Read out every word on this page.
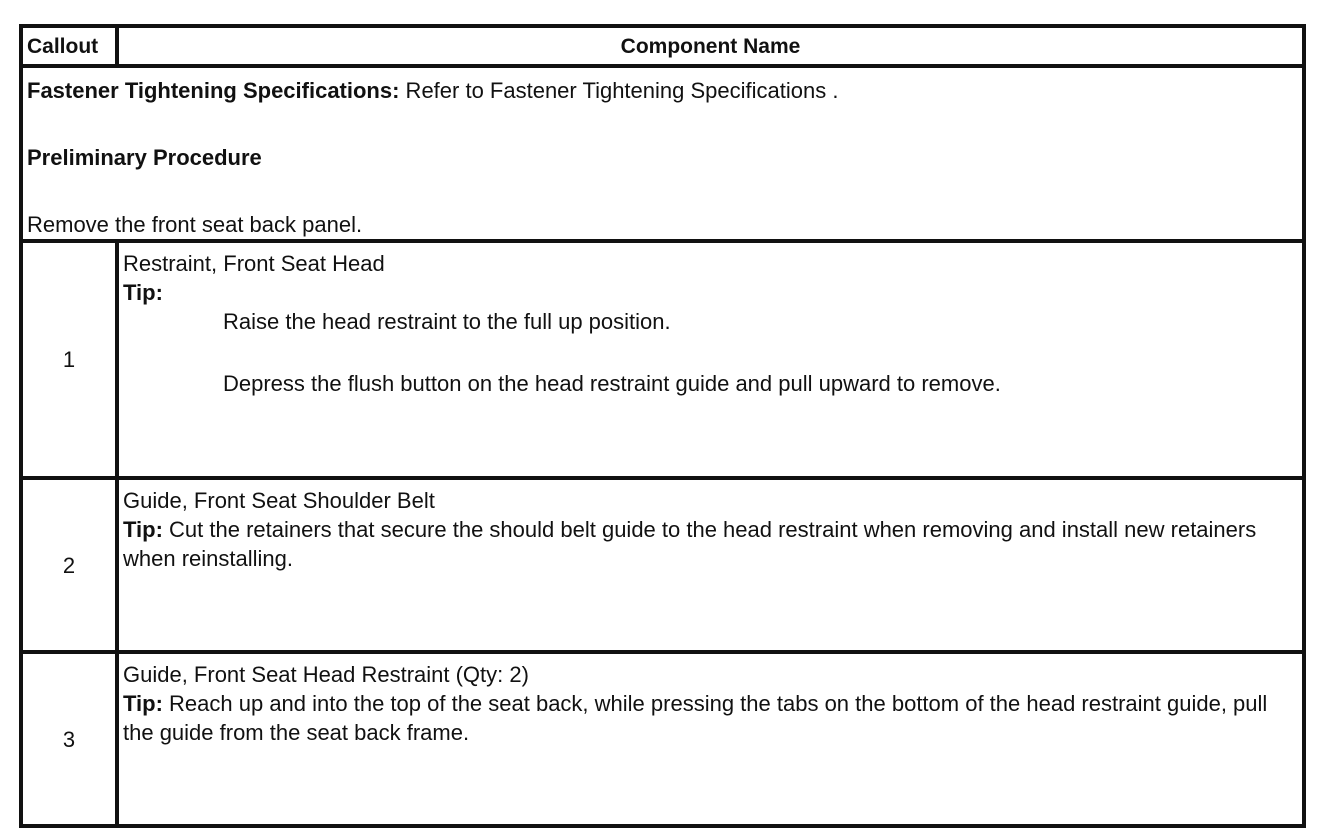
Callout	Component Name

Fastener Tightening Specifications: Refer to Fastener Tightening Specifications .

Preliminary Procedure

Remove the front seat back panel.	

1	Restraint, Front Seat Head

Tip:

Raise the head restraint to the full up position.

Depress the flush button on the head restraint guide and pull upward to remove.

2	Guide, Front Seat Shoulder Belt

Tip: Cut the retainers that secure the should belt guide to the head restraint when removing and install new retainers when reinstalling.

3	Guide, Front Seat Head Restraint (Qty: 2)

Tip: Reach up and into the top of the seat back, while pressing the tabs on the bottom of the head restraint guide, pull the guide from the seat back frame.
